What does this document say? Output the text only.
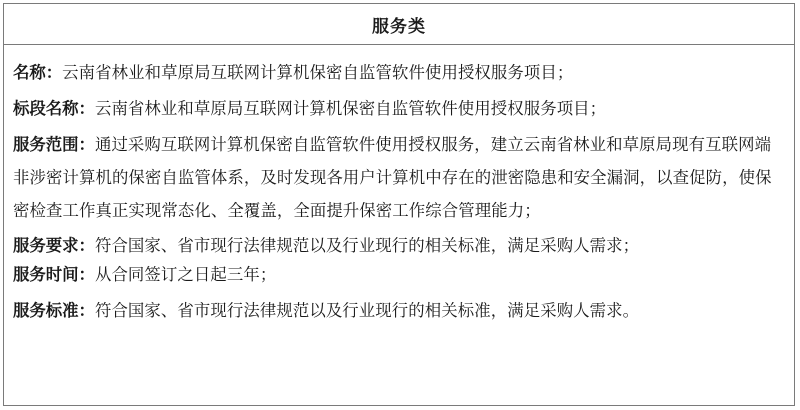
服务类

名称：云南省林业和草原局互联网计算机保密自监管软件使用授权服务项目；

标段名称：云南省林业和草原局互联网计算机保密自监管软件使用授权服务项目；

服务范围：通过采购互联网计算机保密自监管软件使用授权服务，建立云南省林业和草原局现有互联网端非涉密计算机的保密自监管体系，及时发现各用户计算机中存在的泄密隐患和安全漏洞，以查促防，使保密检查工作真正实现常态化、全覆盖，全面提升保密工作综合管理能力；

服务要求：符合国家、省市现行法律规范以及行业现行的相关标准，满足采购人需求；

服务时间：从合同签订之日起三年；

服务标准：符合国家、省市现行法律规范以及行业现行的相关标准，满足采购人需求。
